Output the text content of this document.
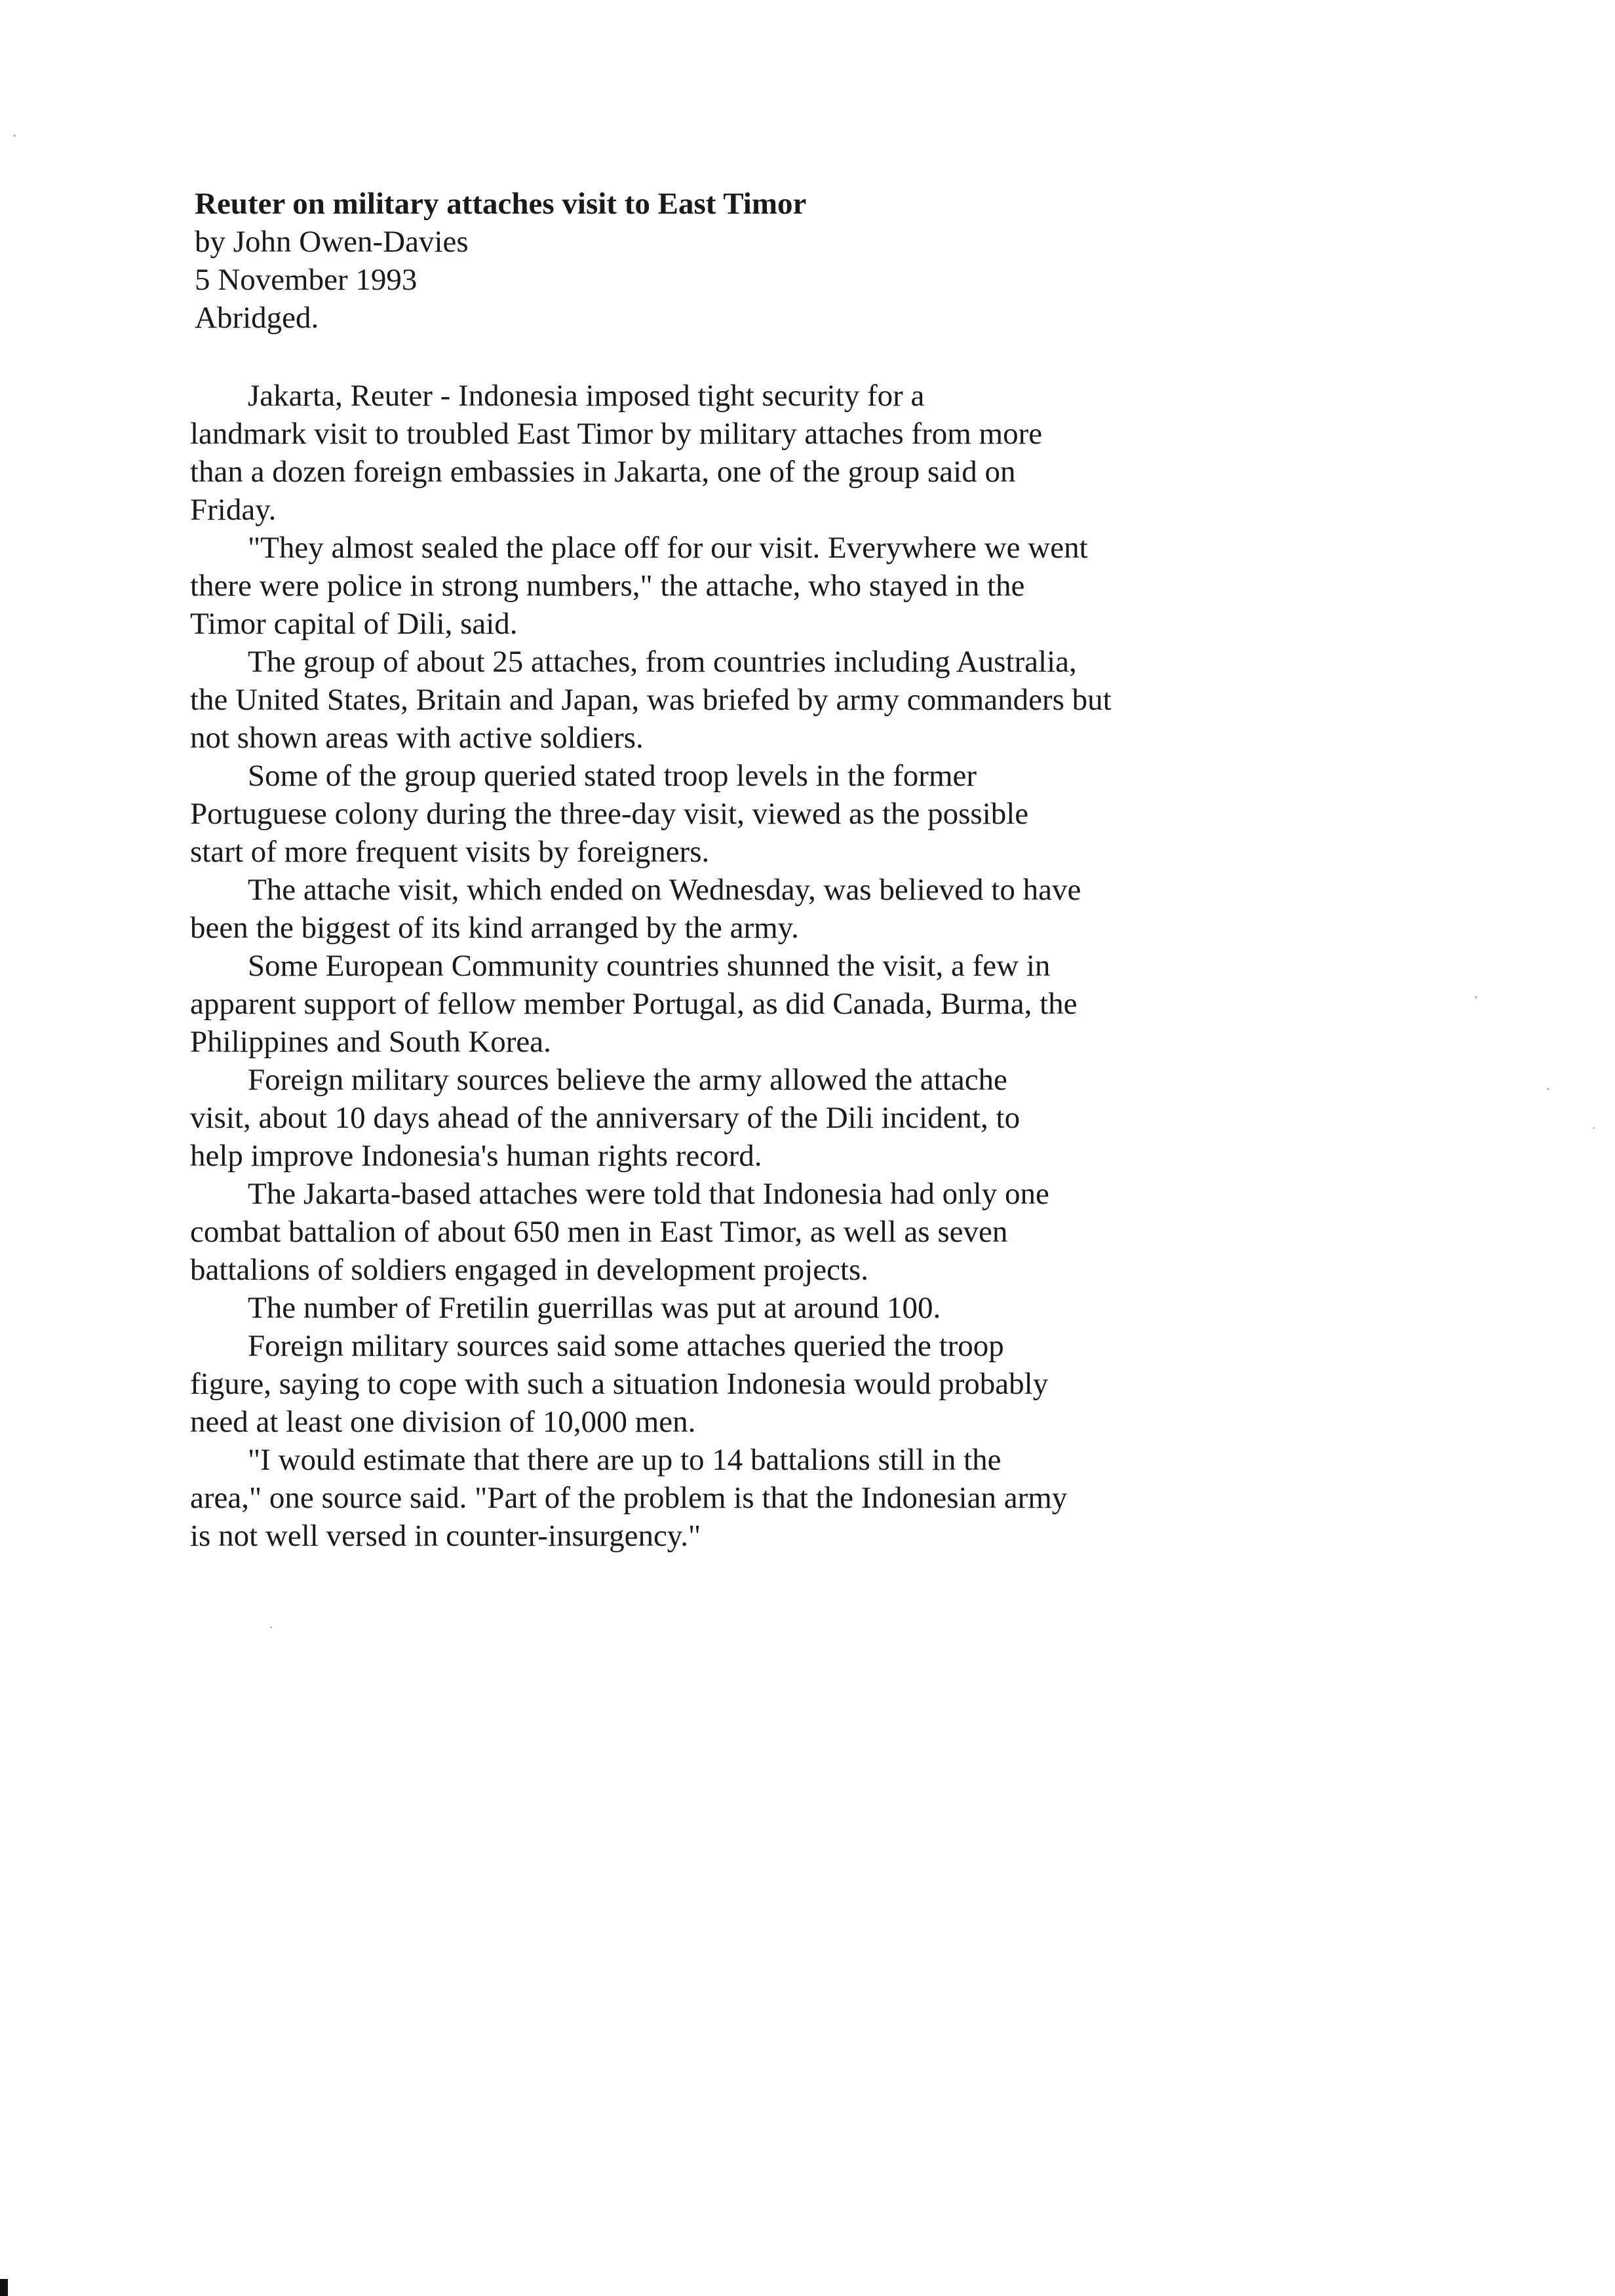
Reuter on military attaches visit to East Timor
by John Owen-Davies
5 November 1993
Abridged.
Jakarta, Reuter - Indonesia imposed tight security for a
landmark visit to troubled East Timor by military attaches from more
than a dozen foreign embassies in Jakarta, one of the group said on
Friday.
"They almost sealed the place off for our visit. Everywhere we went
there were police in strong numbers," the attache, who stayed in the
Timor capital of Dili, said.
The group of about 25 attaches, from countries including Australia,
the United States, Britain and Japan, was briefed by army commanders but
not shown areas with active soldiers.
Some of the group queried stated troop levels in the former
Portuguese colony during the three-day visit, viewed as the possible
start of more frequent visits by foreigners.
The attache visit, which ended on Wednesday, was believed to have
been the biggest of its kind arranged by the army.
Some European Community countries shunned the visit, a few in
apparent support of fellow member Portugal, as did Canada, Burma, the
Philippines and South Korea.
Foreign military sources believe the army allowed the attache
visit, about 10 days ahead of the anniversary of the Dili incident, to
help improve Indonesia's human rights record.
The Jakarta-based attaches were told that Indonesia had only one
combat battalion of about 650 men in East Timor, as well as seven
battalions of soldiers engaged in development projects.
The number of Fretilin guerrillas was put at around 100.
Foreign military sources said some attaches queried the troop
figure, saying to cope with such a situation Indonesia would probably
need at least one division of 10,000 men.
"I would estimate that there are up to 14 battalions still in the
area," one source said. "Part of the problem is that the Indonesian army
is not well versed in counter-insurgency."
